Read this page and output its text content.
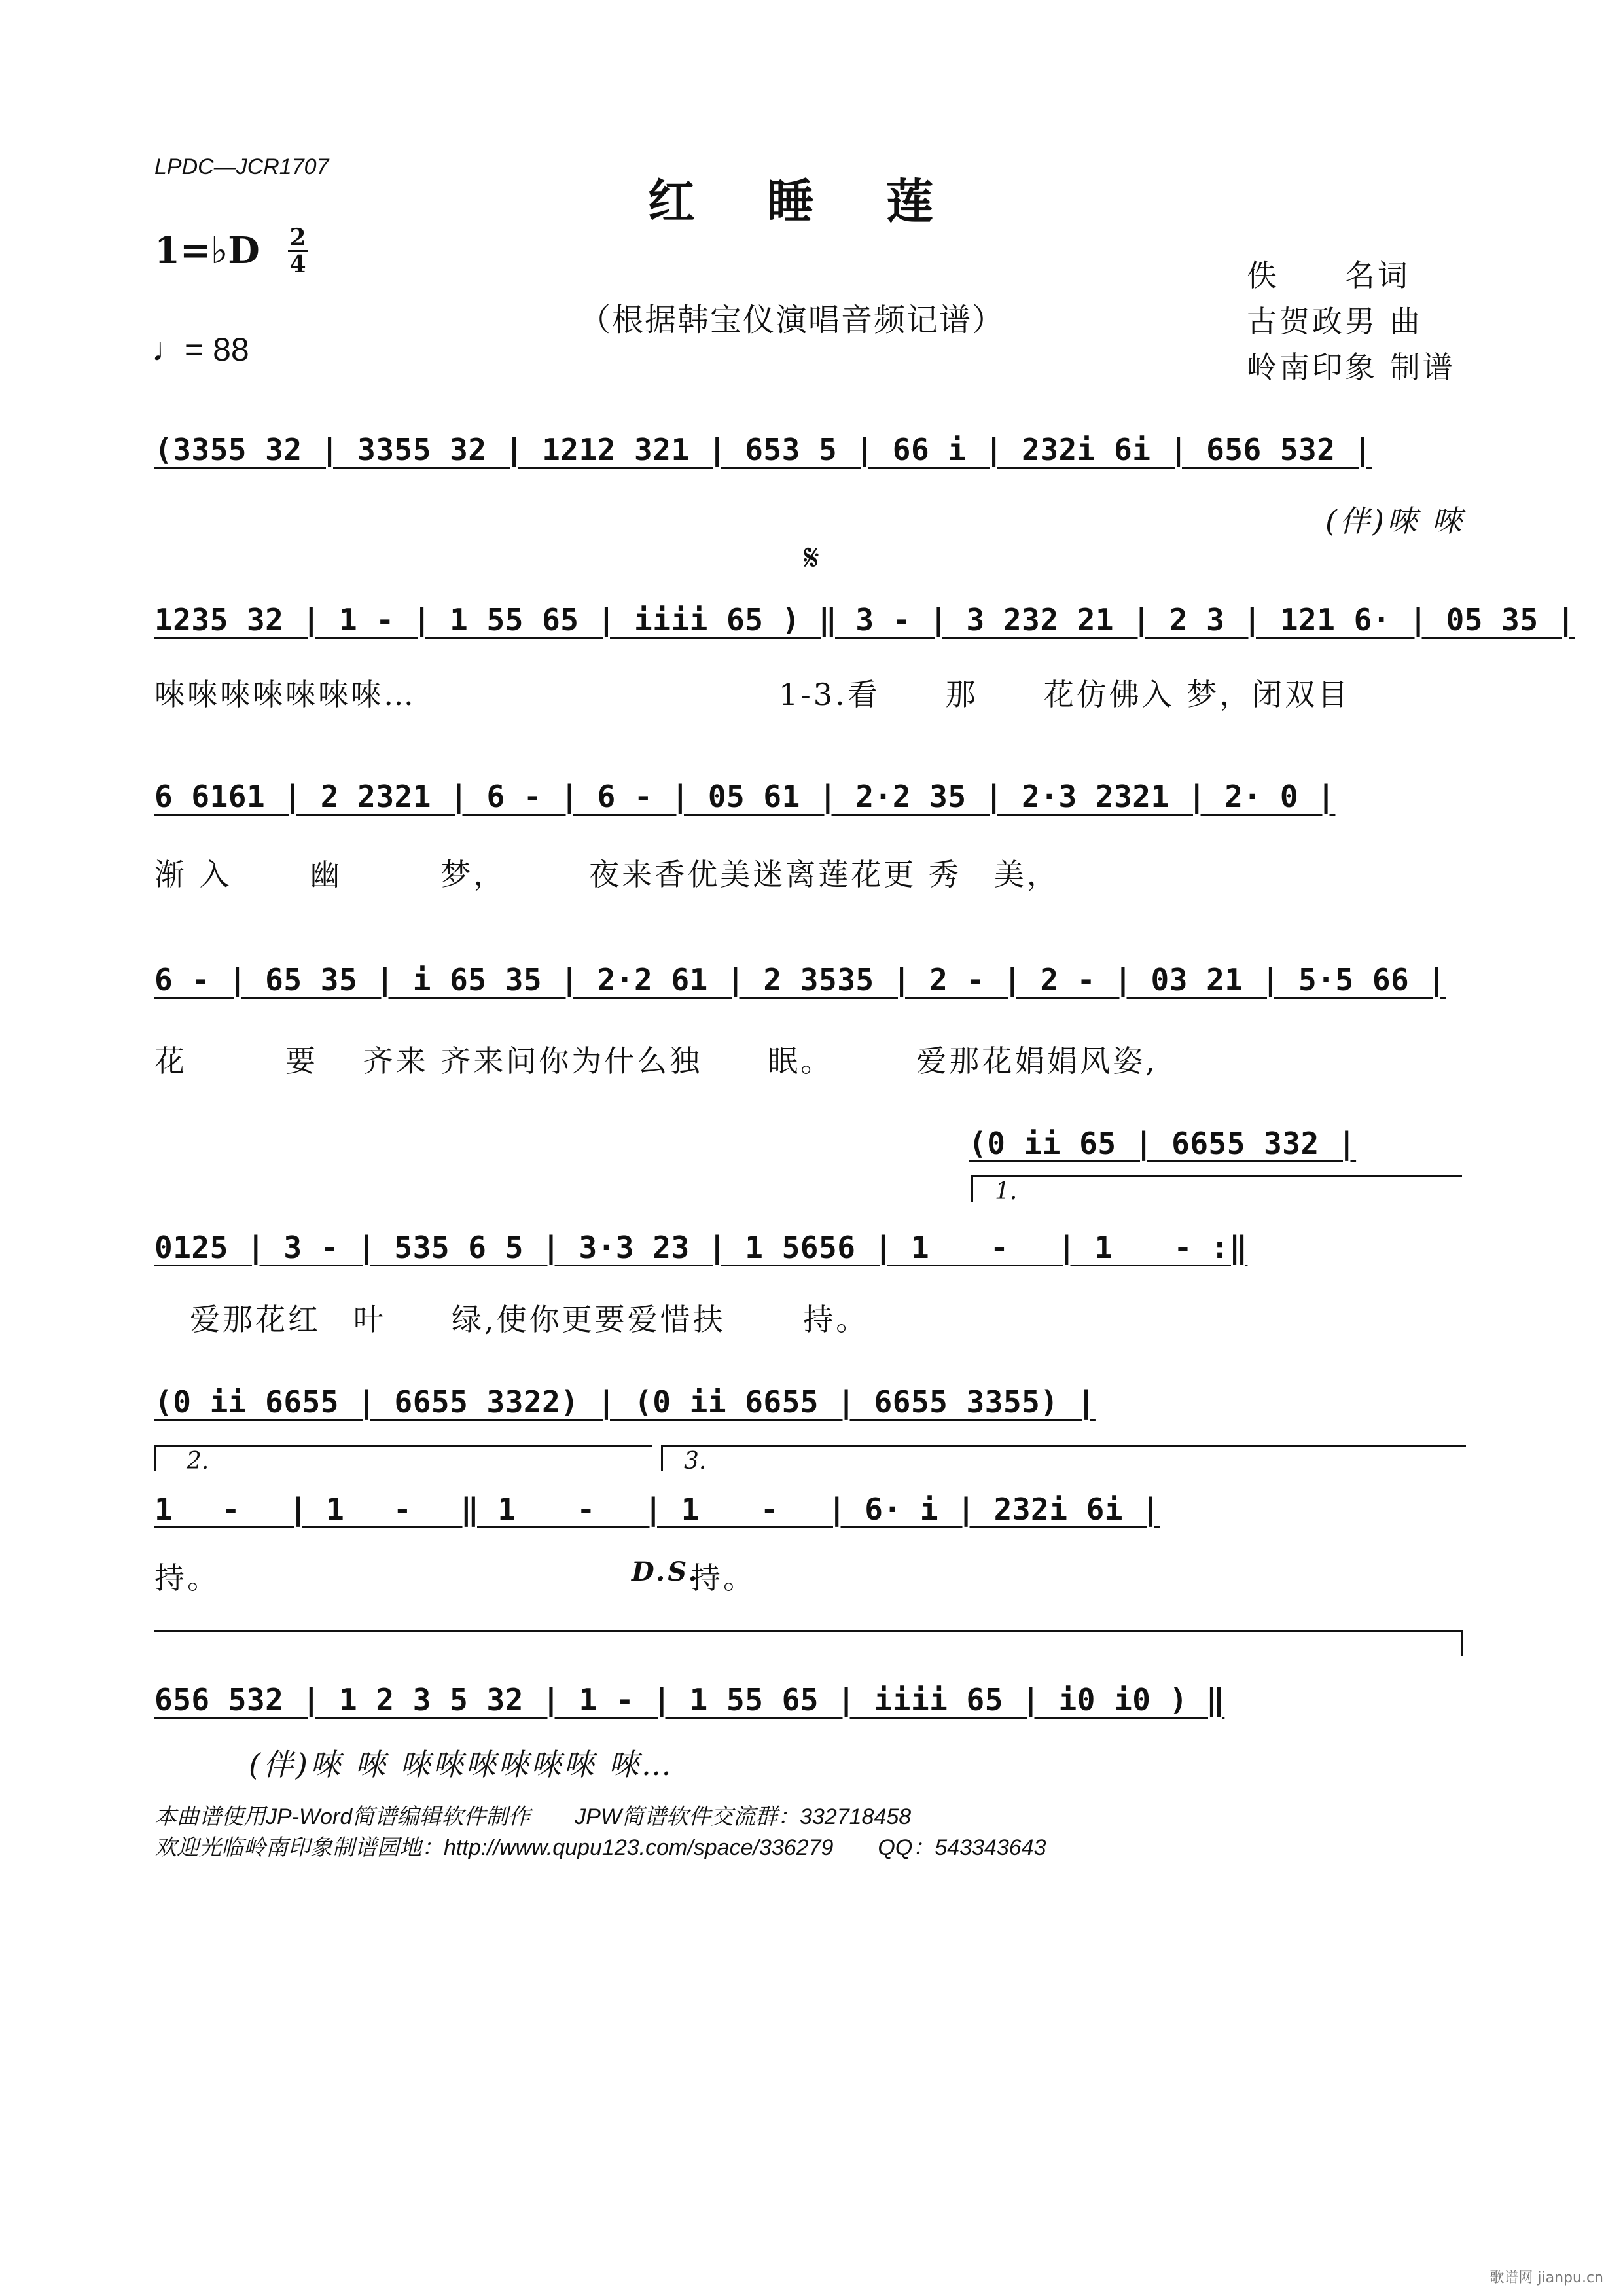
LPDC—JCR1707
红睡莲
1=♭D 2
4
♩= 88
（根据韩宝仪演唱音频记谱）
佚　　名词
古贺政男 曲
岭南印象 制谱
(3355 32 | 3355 32 | 1212 321 | 653 5 | 66 i | 232i 6i | 656 532 |
(伴)唻 唻
𝄋
1235 32 | 1 - | 1 55 65 | iiii 65 ) ‖ 3 - | 3 232 21 | 2 3 | 121 6· | 05 35 |
唻唻唻唻唻唻唻…	1-3.看　　那　　花仿佛入 梦，闭双目
6 6161 | 2 2321 | 6 - | 6 - | 05 61 | 2·2 35 | 2·3 2321 | 2· 0 |
渐 入　　 幽　　　梦，　　　夜来香优美迷离莲花更 秀　美，
6 - | 65 35 | i 65 35 | 2·2 61 | 2 3535 | 2 - | 2 - | 03 21 | 5·5 66 |
花　　　要　 齐来 齐来问你为什么独　　眠。　　　爱那花娟娟风姿,
(0 ii 65 | 6655 332 |
1.
0125 | 3 - | 535 6 5 | 3·3 23 | 1 5656 | 1　　-　 | 1　　- :‖
爱那花红　叶　　绿,使你更要爱惜扶　　 持。
(0 ii 6655 | 6655 3322) | (0 ii 6655 | 6655 3355) |
2.	3.
1　 -　 | 1　 -　 ‖ 1　　-　 | 1　　-　 | 6· i | 232i 6i |
持。	D.S.
持。
656 532 | 1 2 3 5 32 | 1 - | 1 55 65 | iiii 65 | i0 i0 ) ‖
(伴)唻 唻 唻唻唻唻唻唻 唻…
本曲谱使用JP-Word简谱编辑软件制作　　JPW简谱软件交流群：332718458
欢迎光临岭南印象制谱园地：http://www.qupu123.com/space/336279　　QQ：543343643
歌谱网 jianpu.cn
